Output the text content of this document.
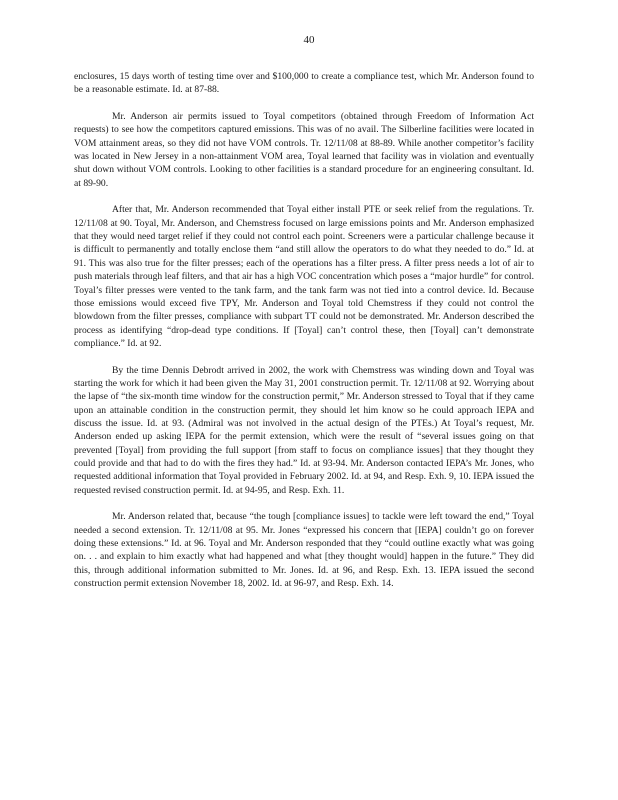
40

enclosures, 15 days worth of testing time over and $100,000 to create a compliance test, which Mr. Anderson found to be a reasonable estimate. Id. at 87-88.

Mr. Anderson air permits issued to Toyal competitors (obtained through Freedom of Information Act requests) to see how the competitors captured emissions. This was of no avail. The Silberline facilities were located in VOM attainment areas, so they did not have VOM controls. Tr. 12/11/08 at 88-89. While another competitor’s facility was located in New Jersey in a non-attainment VOM area, Toyal learned that facility was in violation and eventually shut down without VOM controls. Looking to other facilities is a standard procedure for an engineering consultant. Id. at 89-90.

After that, Mr. Anderson recommended that Toyal either install PTE or seek relief from the regulations. Tr. 12/11/08 at 90. Toyal, Mr. Anderson, and Chemstress focused on large emissions points and Mr. Anderson emphasized that they would need target relief if they could not control each point. Screeners were a particular challenge because it is difficult to permanently and totally enclose them “and still allow the operators to do what they needed to do.” Id. at 91. This was also true for the filter presses; each of the operations has a filter press. A filter press needs a lot of air to push materials through leaf filters, and that air has a high VOC concentration which poses a “major hurdle” for control. Toyal’s filter presses were vented to the tank farm, and the tank farm was not tied into a control device. Id. Because those emissions would exceed five TPY, Mr. Anderson and Toyal told Chemstress if they could not control the blowdown from the filter presses, compliance with subpart TT could not be demonstrated. Mr. Anderson described the process as identifying “drop-dead type conditions. If [Toyal] can’t control these, then [Toyal] can’t demonstrate compliance.” Id. at 92.

By the time Dennis Debrodt arrived in 2002, the work with Chemstress was winding down and Toyal was starting the work for which it had been given the May 31, 2001 construction permit. Tr. 12/11/08 at 92. Worrying about the lapse of “the six-month time window for the construction permit,” Mr. Anderson stressed to Toyal that if they came upon an attainable condition in the construction permit, they should let him know so he could approach IEPA and discuss the issue. Id. at 93. (Admiral was not involved in the actual design of the PTEs.) At Toyal’s request, Mr. Anderson ended up asking IEPA for the permit extension, which were the result of “several issues going on that prevented [Toyal] from providing the full support [from staff to focus on compliance issues] that they thought they could provide and that had to do with the fires they had.” Id. at 93-94. Mr. Anderson contacted IEPA’s Mr. Jones, who requested additional information that Toyal provided in February 2002. Id. at 94, and Resp. Exh. 9, 10. IEPA issued the requested revised construction permit. Id. at 94-95, and Resp. Exh. 11.

Mr. Anderson related that, because “the tough [compliance issues] to tackle were left toward the end,” Toyal needed a second extension. Tr. 12/11/08 at 95. Mr. Jones “expressed his concern that [IEPA] couldn’t go on forever doing these extensions.” Id. at 96. Toyal and Mr. Anderson responded that they “could outline exactly what was going on. . . and explain to him exactly what had happened and what [they thought would] happen in the future.” They did this, through additional information submitted to Mr. Jones. Id. at 96, and Resp. Exh. 13. IEPA issued the second construction permit extension November 18, 2002. Id. at 96-97, and Resp. Exh. 14.
